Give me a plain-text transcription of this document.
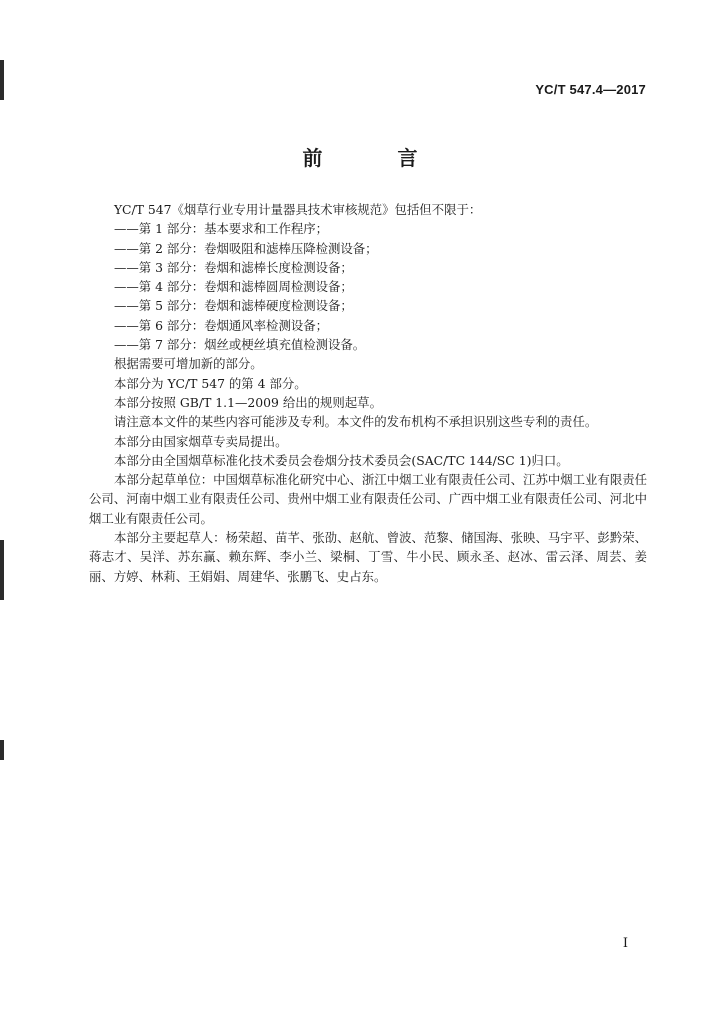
YC/T 547.4—2017
前 言
YC/T 547《烟草行业专用计量器具技术审核规范》包括但不限于：
——第 1 部分：基本要求和工作程序；
——第 2 部分：卷烟吸阻和滤棒压降检测设备；
——第 3 部分：卷烟和滤棒长度检测设备；
——第 4 部分：卷烟和滤棒圆周检测设备；
——第 5 部分：卷烟和滤棒硬度检测设备；
——第 6 部分：卷烟通风率检测设备；
——第 7 部分：烟丝或梗丝填充值检测设备。
根据需要可增加新的部分。
本部分为 YC/T 547 的第 4 部分。
本部分按照 GB/T 1.1—2009 给出的规则起草。
请注意本文件的某些内容可能涉及专利。本文件的发布机构不承担识别这些专利的责任。
本部分由国家烟草专卖局提出。
本部分由全国烟草标准化技术委员会卷烟分技术委员会(SAC/TC 144/SC 1)归口。
本部分起草单位：中国烟草标准化研究中心、浙江中烟工业有限责任公司、江苏中烟工业有限责任公司、河南中烟工业有限责任公司、贵州中烟工业有限责任公司、广西中烟工业有限责任公司、河北中烟工业有限责任公司。
本部分主要起草人：杨荣超、苗芊、张劭、赵航、曾波、范黎、储国海、张映、马宇平、彭黔荣、蒋志才、吴洋、苏东赢、赖东辉、李小兰、梁桐、丁雪、牛小民、顾永圣、赵冰、雷云泽、周芸、姜丽、方婷、林莉、王娟娟、周建华、张鹏飞、史占东。
I
